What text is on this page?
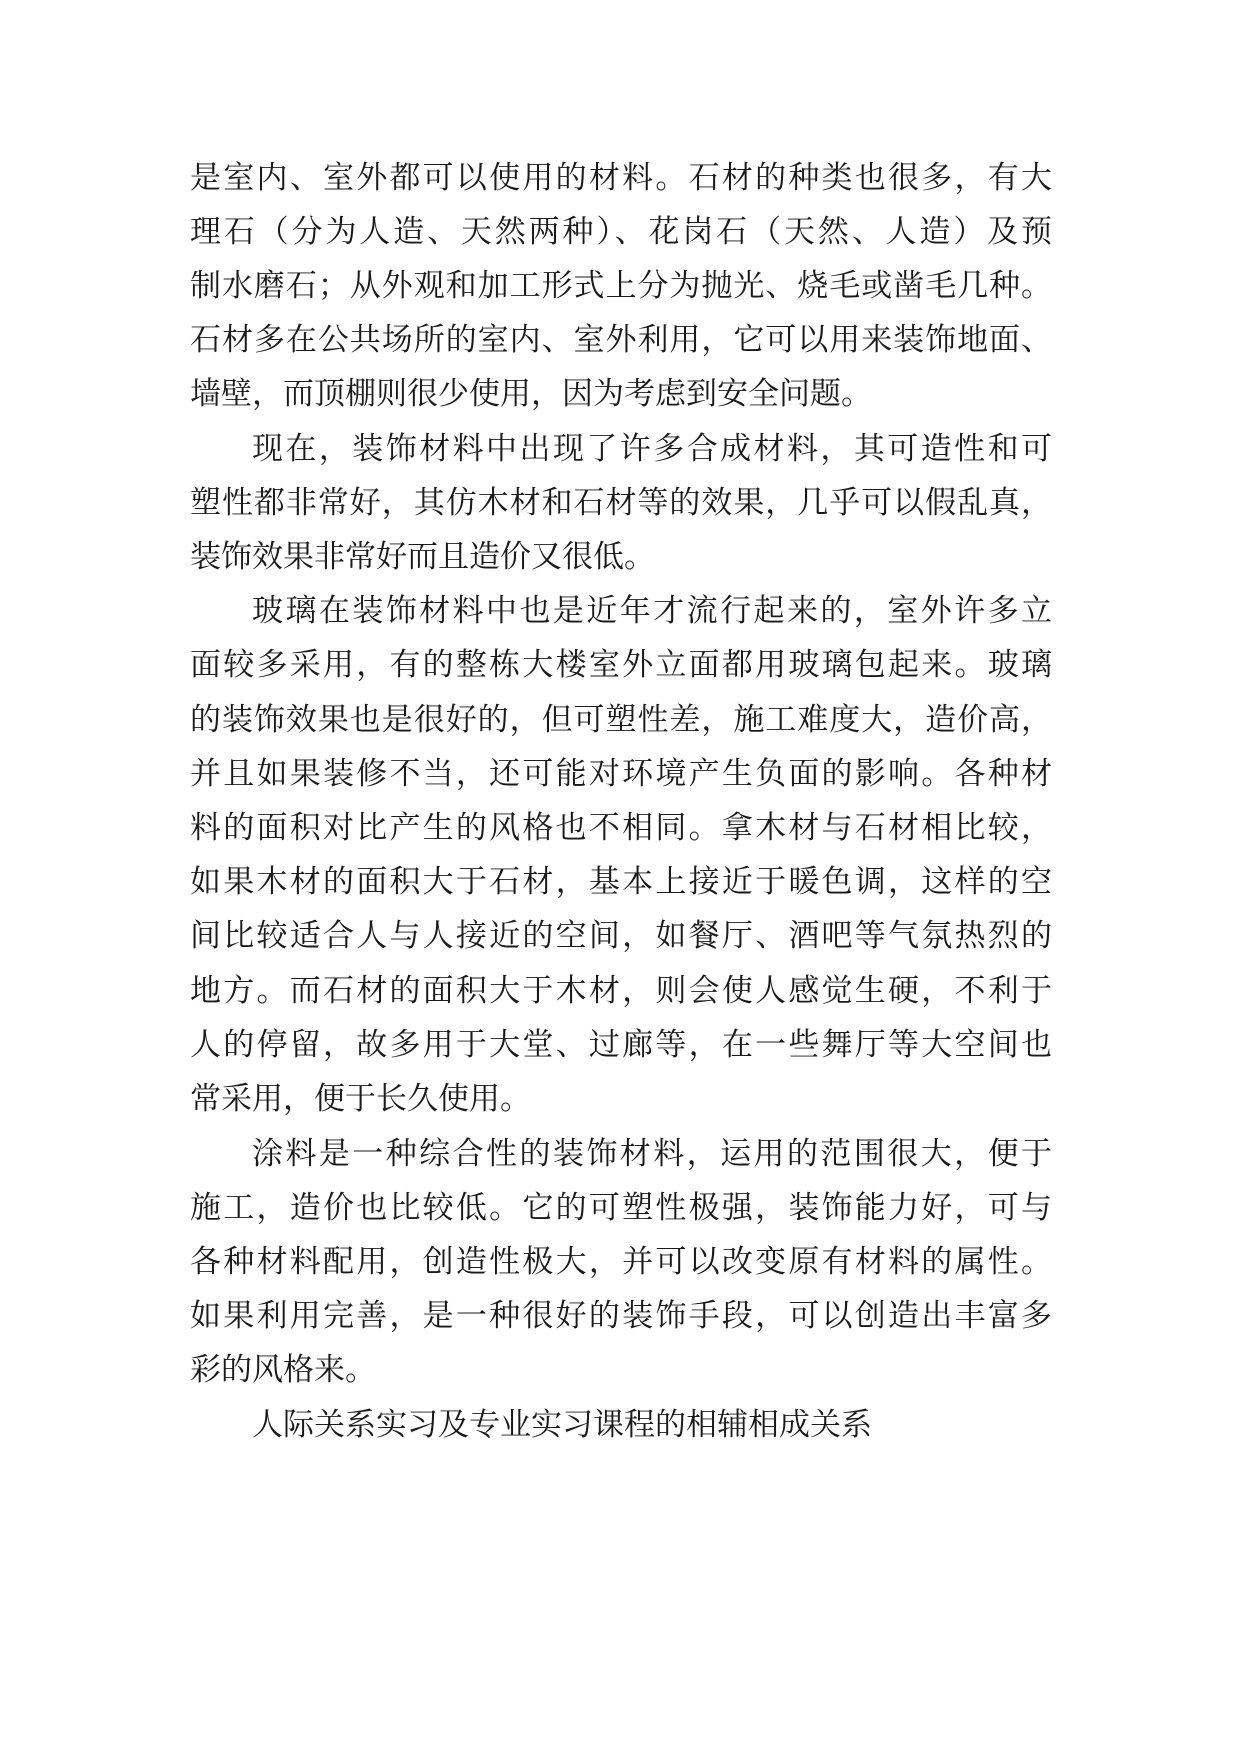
是室内、室外都可以使用的材料。石材的种类也很多，有大
理石（分为人造、天然两种）、花岗石（天然、人造）及预
制水磨石；从外观和加工形式上分为抛光、烧毛或凿毛几种。
石材多在公共场所的室内、室外利用，它可以用来装饰地面、
墙壁，而顶棚则很少使用，因为考虑到安全问题。
现在，装饰材料中出现了许多合成材料，其可造性和可
塑性都非常好，其仿木材和石材等的效果，几乎可以假乱真，
装饰效果非常好而且造价又很低。
玻璃在装饰材料中也是近年才流行起来的，室外许多立
面较多采用，有的整栋大楼室外立面都用玻璃包起来。玻璃
的装饰效果也是很好的，但可塑性差，施工难度大，造价高，
并且如果装修不当，还可能对环境产生负面的影响。各种材
料的面积对比产生的风格也不相同。拿木材与石材相比较，
如果木材的面积大于石材，基本上接近于暖色调，这样的空
间比较适合人与人接近的空间，如餐厅、酒吧等气氛热烈的
地方。而石材的面积大于木材，则会使人感觉生硬，不利于
人的停留，故多用于大堂、过廊等，在一些舞厅等大空间也
常采用，便于长久使用。
涂料是一种综合性的装饰材料，运用的范围很大，便于
施工，造价也比较低。它的可塑性极强，装饰能力好，可与
各种材料配用，创造性极大，并可以改变原有材料的属性。
如果利用完善，是一种很好的装饰手段，可以创造出丰富多
彩的风格来。
人际关系实习及专业实习课程的相辅相成关系
